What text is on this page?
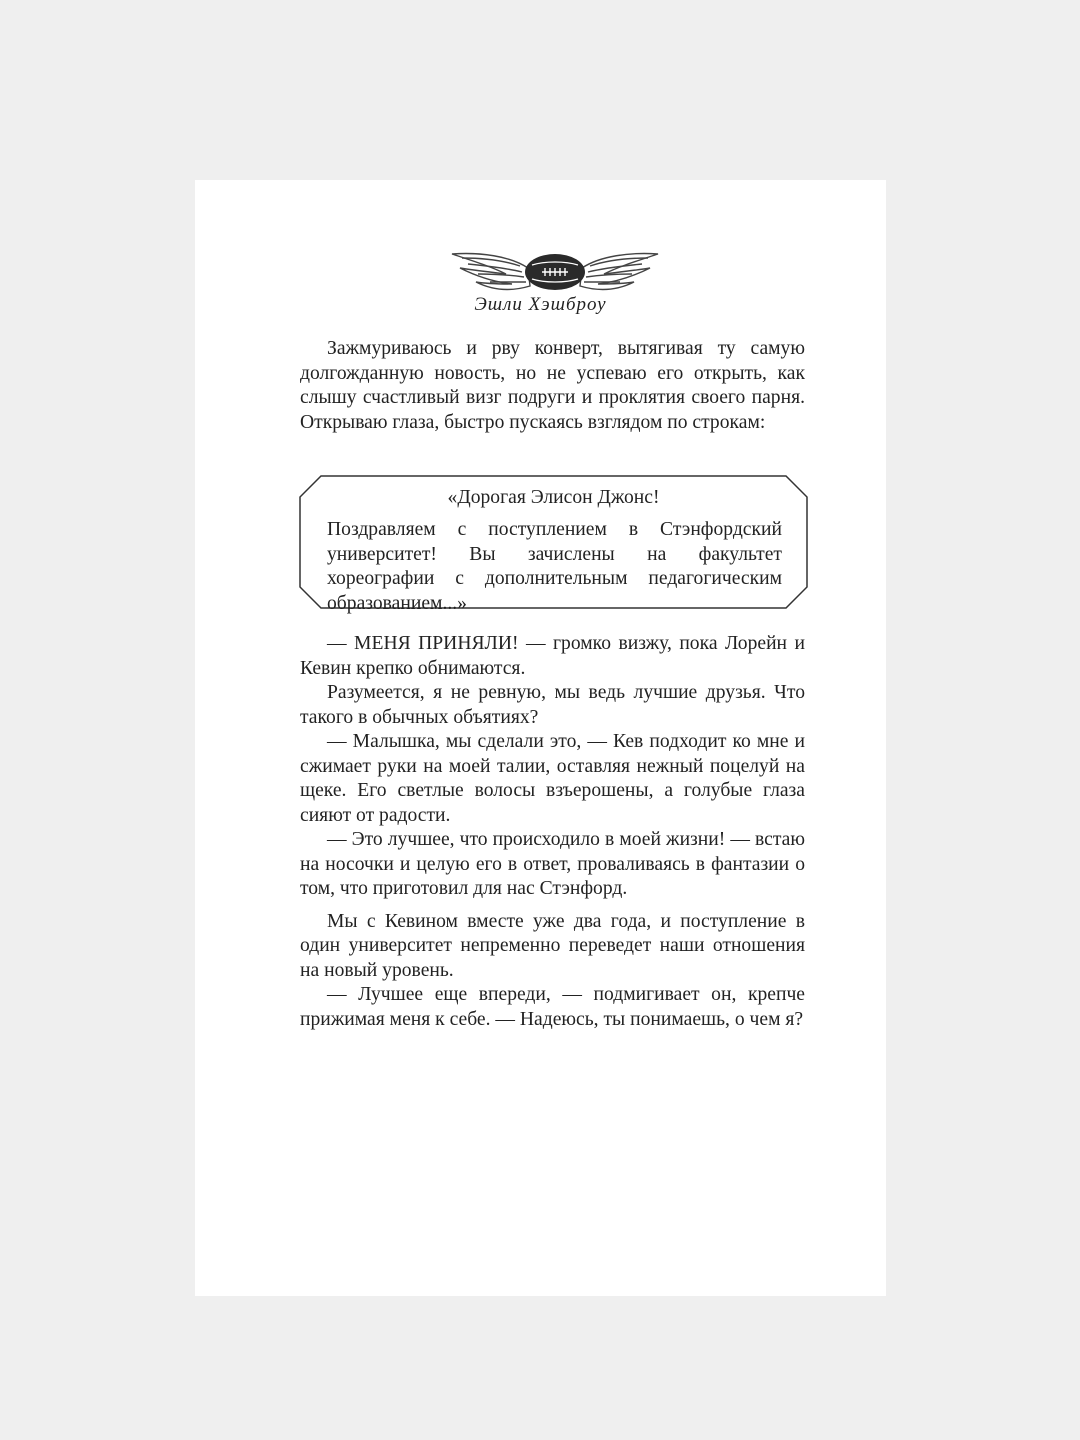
Эшли Хэшброу

Зажмуриваюсь и рву конверт, вытягивая ту самую долгожданную новость, но не успеваю его открыть, как слышу счастливый визг подруги и проклятия своего парня. Открываю глаза, быстро пускаясь взглядом по строкам:

«Дорогая Элисон Джонс!
Поздравляем с поступлением в Стэнфордский университет! Вы зачислены на факультет хореографии с дополнительным педагогическим образованием...»

— МЕНЯ ПРИНЯЛИ! — громко визжу, пока Лорейн и Кевин крепко обнимаются.

Разумеется, я не ревную, мы ведь лучшие друзья. Что такого в обычных объятиях?

— Малышка, мы сделали это, — Кев подходит ко мне и сжимает руки на моей талии, оставляя нежный поцелуй на щеке. Его светлые волосы взъерошены, а голубые глаза сияют от радости.

— Это лучшее, что происходило в моей жизни! — встаю на носочки и целую его в ответ, проваливаясь в фантазии о том, что приготовил для нас Стэнфорд.

Мы с Кевином вместе уже два года, и поступление в один университет непременно переведет наши отношения на новый уровень.

— Лучшее еще впереди, — подмигивает он, крепче прижимая меня к себе. — Надеюсь, ты понимаешь, о чем я?
